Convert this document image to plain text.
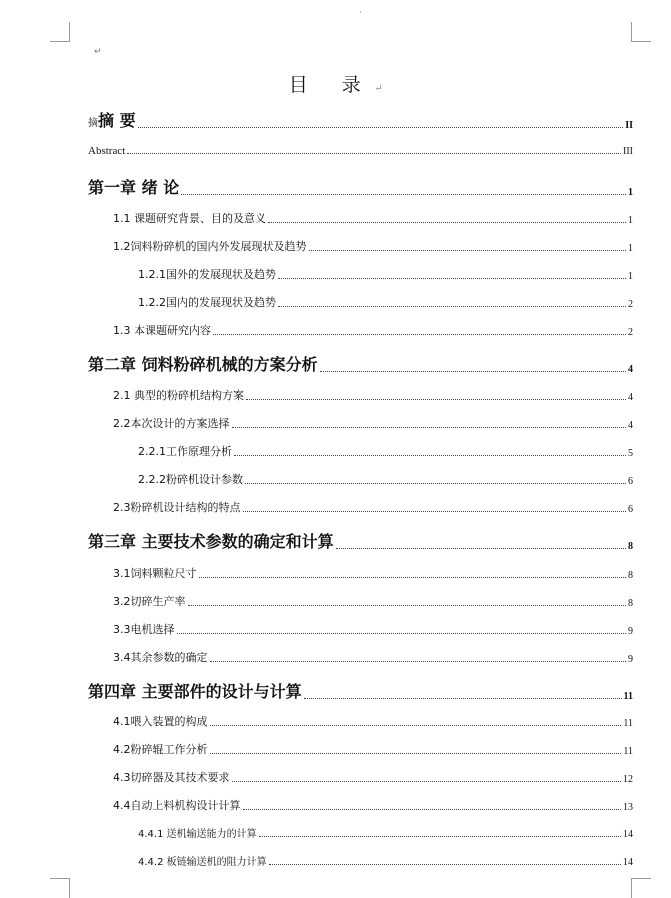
‧
↵
目 录↵
摘摘 要	II
Abstract	III
第一章 绪 论	1
1.1 课题研究背景、目的及意义	1
1.2饲料粉碎机的国内外发展现状及趋势	1
1.2.1国外的发展现状及趋势	1
1.2.2国内的发展现状及趋势	2
1.3 本课题研究内容	2
第二章 饲料粉碎机械的方案分析	4
2.1 典型的粉碎机结构方案	4
2.2本次设计的方案选择	4
2.2.1工作原理分析	5
2.2.2粉碎机设计参数	6
2.3粉碎机设计结构的特点	6
第三章 主要技术参数的确定和计算	8
3.1饲料颗粒尺寸	8
3.2切碎生产率	8
3.3电机选择	9
3.4其余参数的确定	9
第四章 主要部件的设计与计算	11
4.1喂入装置的构成	11
4.2粉碎辊工作分析	11
4.3切碎器及其技术要求	12
4.4自动上料机构设计计算	13
4.4.1 送机输送能力的计算	14
4.4.2 板链输送机的阻力计算	14
